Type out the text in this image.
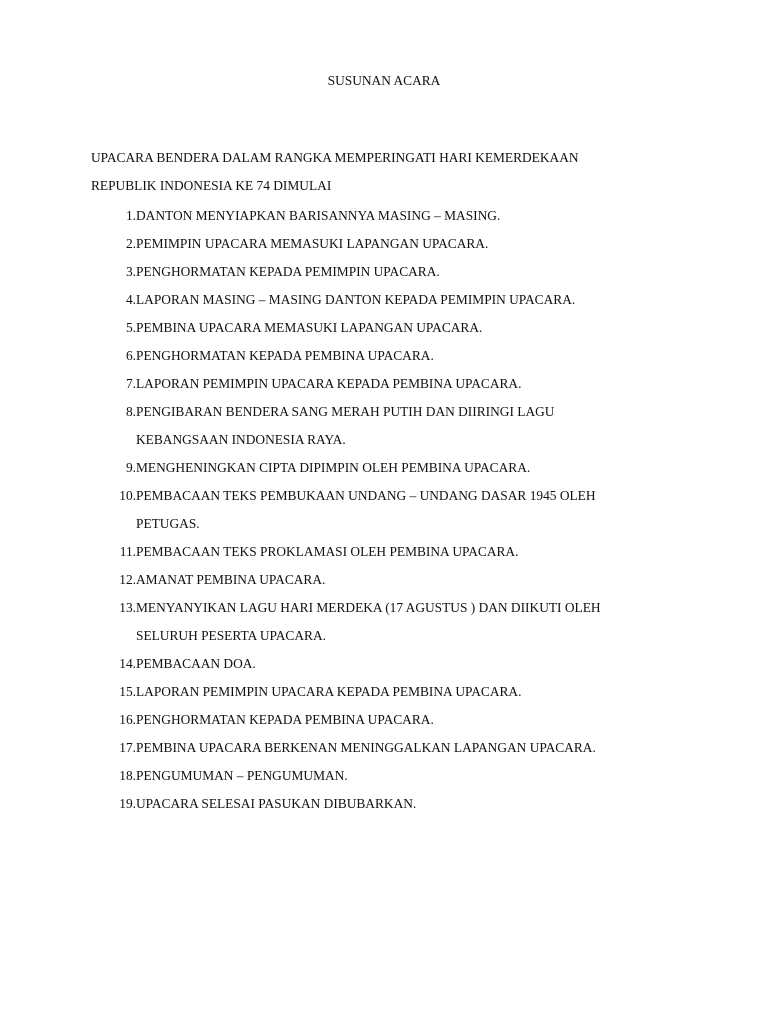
SUSUNAN ACARA
UPACARA BENDERA DALAM RANGKA MEMPERINGATI HARI KEMERDEKAAN
REPUBLIK INDONESIA KE 74 DIMULAI
1. DANTON MENYIAPKAN BARISANNYA MASING – MASING.
2. PEMIMPIN UPACARA MEMASUKI LAPANGAN UPACARA.
3. PENGHORMATAN KEPADA PEMIMPIN UPACARA.
4. LAPORAN MASING – MASING DANTON KEPADA PEMIMPIN UPACARA.
5. PEMBINA UPACARA MEMASUKI LAPANGAN UPACARA.
6. PENGHORMATAN KEPADA PEMBINA UPACARA.
7. LAPORAN PEMIMPIN UPACARA KEPADA PEMBINA UPACARA.
8. PENGIBARAN BENDERA SANG MERAH PUTIH DAN DIIRINGI LAGU
KEBANGSAAN INDONESIA RAYA.
9. MENGHENINGKAN CIPTA DIPIMPIN OLEH PEMBINA UPACARA.
10. PEMBACAAN TEKS PEMBUKAAN UNDANG – UNDANG DASAR 1945 OLEH
PETUGAS.
11. PEMBACAAN TEKS PROKLAMASI OLEH PEMBINA UPACARA.
12. AMANAT PEMBINA UPACARA.
13. MENYANYIKAN LAGU HARI MERDEKA (17 AGUSTUS ) DAN DIIKUTI OLEH
SELURUH PESERTA UPACARA.
14. PEMBACAAN DOA.
15. LAPORAN PEMIMPIN UPACARA KEPADA PEMBINA UPACARA.
16. PENGHORMATAN KEPADA PEMBINA UPACARA.
17. PEMBINA UPACARA BERKENAN MENINGGALKAN LAPANGAN UPACARA.
18. PENGUMUMAN – PENGUMUMAN.
19. UPACARA SELESAI PASUKAN DIBUBARKAN.
